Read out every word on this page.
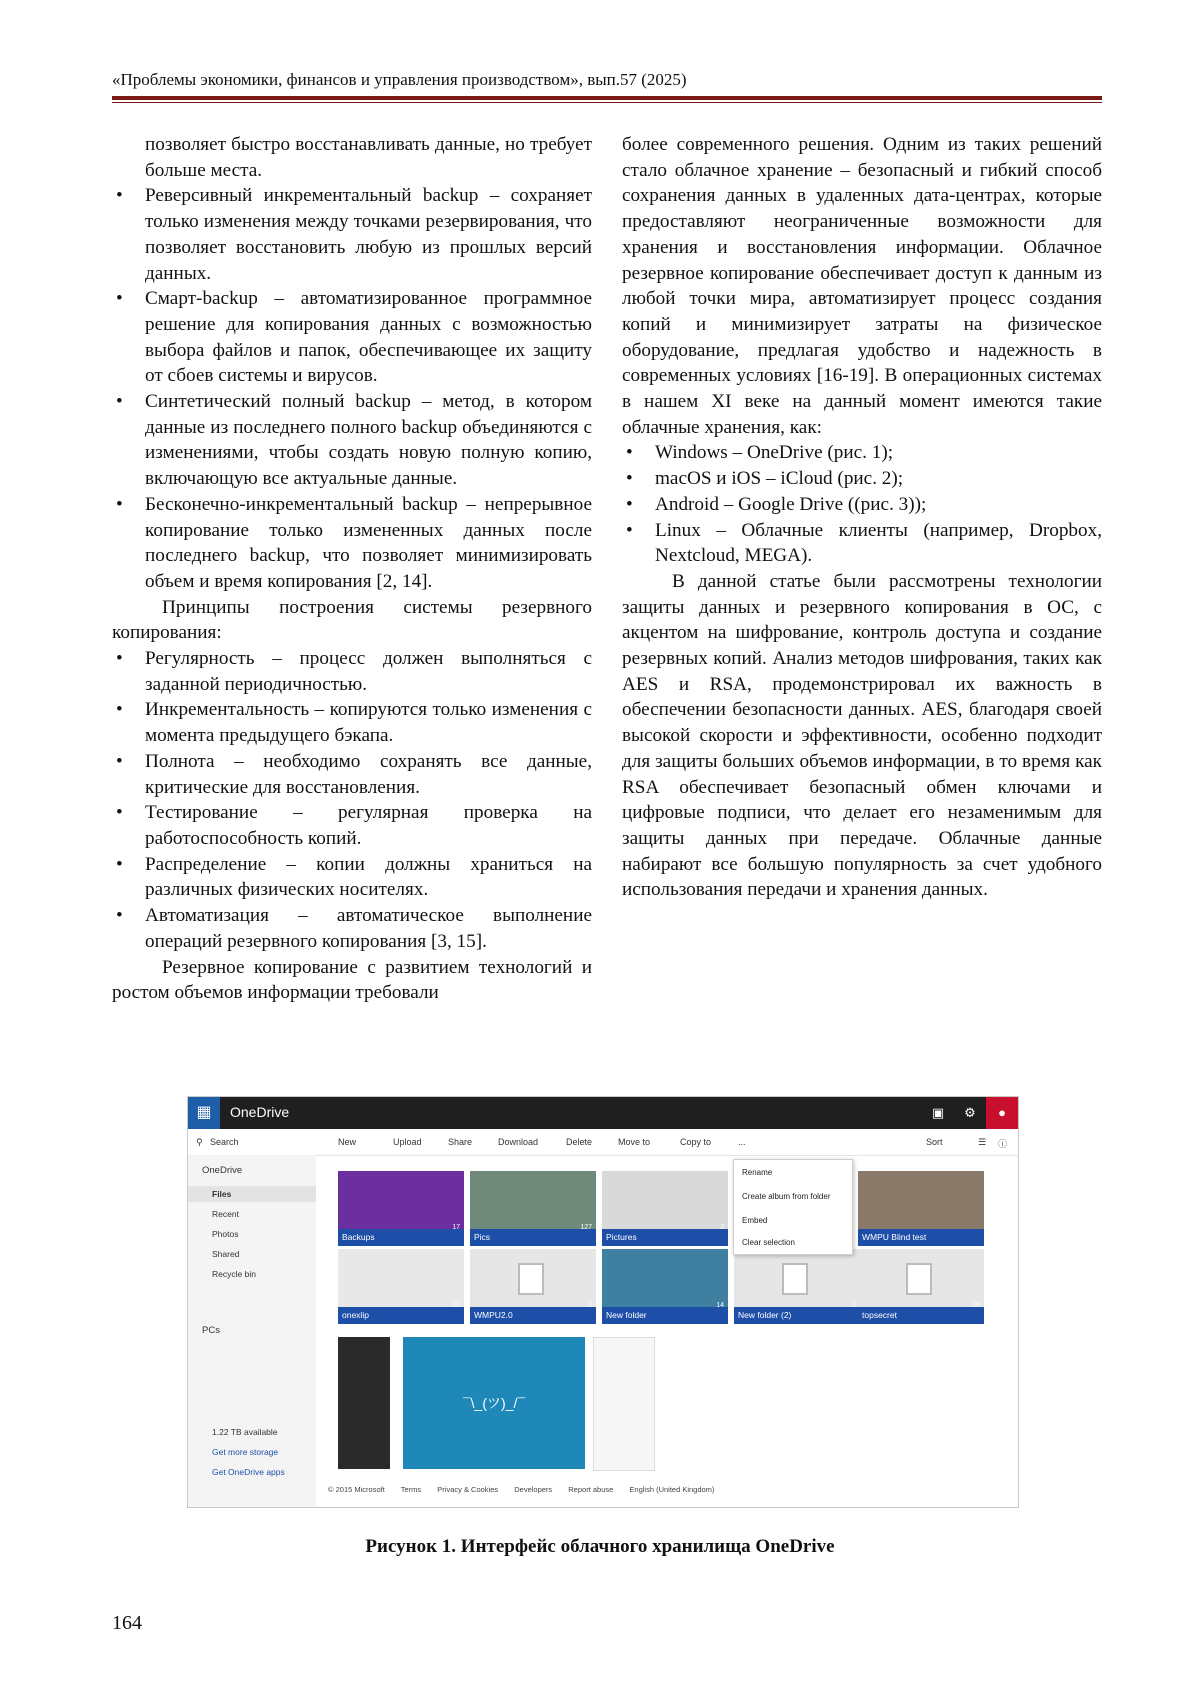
«Проблемы экономики, финансов и управления производством», вып.57 (2025)

позволяет быстро восстанавливать данные, но требует больше места.

• Реверсивный инкрементальный backup – сохраняет только изменения между точками резервирования, что позволяет восстановить любую из прошлых версий данных.
• Смарт-backup – автоматизированное программное решение для копирования данных с возможностью выбора файлов и папок, обеспечивающее их защиту от сбоев системы и вирусов.
• Синтетический полный backup – метод, в котором данные из последнего полного backup объединяются с изменениями, чтобы создать новую полную копию, включающую все актуальные данные.
• Бесконечно-инкрементальный backup – непрерывное копирование только измененных данных после последнего backup, что позволяет минимизировать объем и время копирования [2, 14].

Принципы построения системы резервного копирования:

• Регулярность – процесс должен выполняться с заданной периодичностью.
• Инкрементальность – копируются только изменения с момента предыдущего бэкапа.
• Полнота – необходимо сохранять все данные, критические для восстановления.
• Тестирование – регулярная проверка на работоспособность копий.
• Распределение – копии должны храниться на различных физических носителях.
• Автоматизация – автоматическое выполнение операций резервного копирования [3, 15].

Резервное копирование с развитием технологий и ростом объемов информации требовали

более современного решения. Одним из таких решений стало облачное хранение – безопасный и гибкий способ сохранения данных в удаленных дата-центрах, которые предоставляют неограниченные возможности для хранения и восстановления информации. Облачное резервное копирование обеспечивает доступ к данным из любой точки мира, автоматизирует процесс создания копий и минимизирует затраты на физическое оборудование, предлагая удобство и надежность в современных условиях [16-19]. В операционных системах в нашем XI веке на данный момент имеются такие облачные хранения, как:

• Windows – OneDrive (рис. 1);
• macOS и iOS – iCloud (рис. 2);
• Android – Google Drive ((рис. 3));
• Linux – Облачные клиенты (например, Dropbox, Nextcloud, MEGA).

В данной статье были рассмотрены технологии защиты данных и резервного копирования в ОС, с акцентом на шифрование, контроль доступа и создание резервных копий. Анализ методов шифрования, таких как AES и RSA, продемонстрировал их важность в обеспечении безопасности данных. AES, благодаря своей высокой скорости и эффективности, особенно подходит для защиты больших объемов информации, в то время как RSA обеспечивает безопасный обмен ключами и цифровые подписи, что делает его незаменимым для защиты данных при передаче. Облачные данные набирают все большую популярность за счет удобного использования передачи и хранения данных.

▦	OneDrive	▣	⚙	●
⚲ Search	New	Upload	Share	Download	Delete	Move to	Copy to	...	Sort	☰ ⓘ
OneDrive
Files
Recent
Photos
Shared
Recycle bin
PCs
1.22 TB available
Get more storage
Get OneDrive apps
Backups
17
Pics
127
Pictures
3
WMPU Blind test
onexlip
12
WMPU2.0
1
New folder
14
New folder (2)
1
topsecret
18
¯\_(ツ)_/¯
Rename
Create album from folder
Embed
Clear selection
© 2015 Microsoft Terms Privacy & Cookies Developers Report abuse English (United Kingdom)
Рисунок 1. Интерфейс облачного хранилища OneDrive
164
